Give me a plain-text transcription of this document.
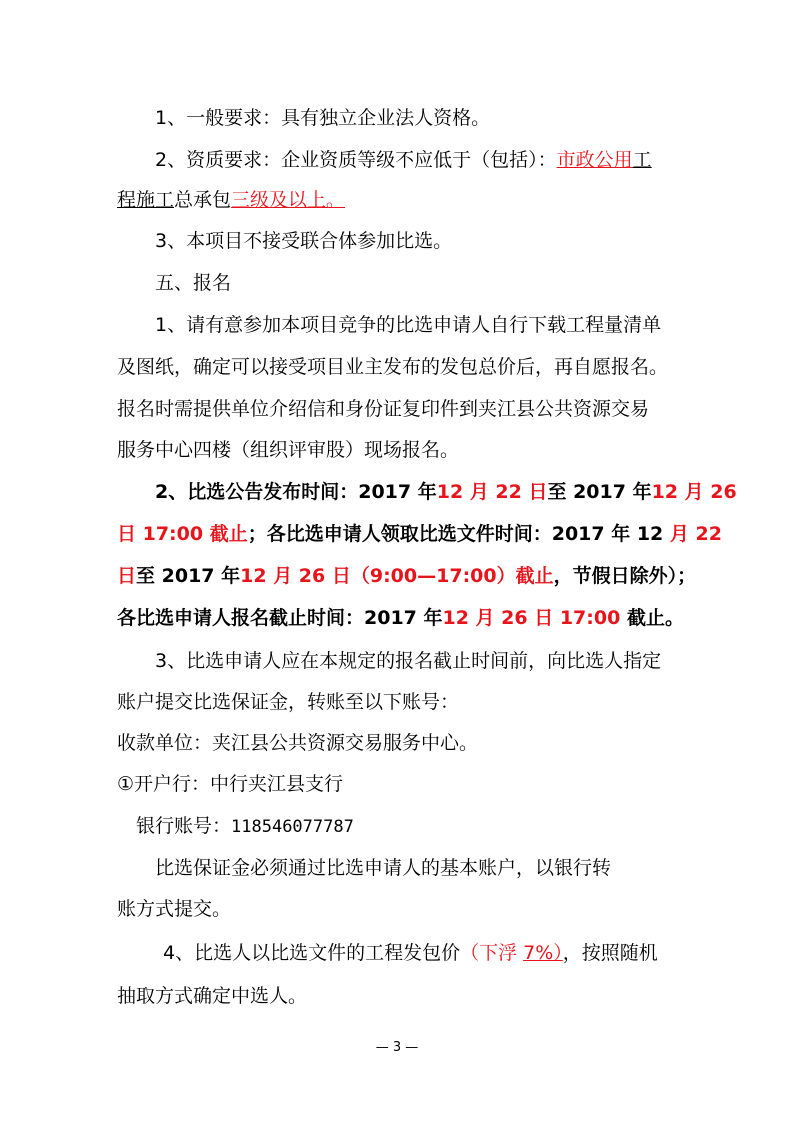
1、一般要求：具有独立企业法人资格。
2、资质要求：企业资质等级不应低于（包括）：市政公用工
程施工总承包三级及以上。
3、本项目不接受联合体参加比选。
五、报名
1、请有意参加本项目竞争的比选申请人自行下载工程量清单
及图纸，确定可以接受项目业主发布的发包总价后，再自愿报名。
报名时需提供单位介绍信和身份证复印件到夹江县公共资源交易
服务中心四楼（组织评审股）现场报名。
2、比选公告发布时间：2017 年12 月 22 日至 2017 年12 月 26
日 17:00 截止；各比选申请人领取比选文件时间：2017 年 12 月 22
日至 2017 年12 月 26 日（9:00—17:00）截止，节假日除外）；
各比选申请人报名截止时间：2017 年12 月 26 日 17:00 截止。
3、比选申请人应在本规定的报名截止时间前，向比选人指定
账户提交比选保证金，转账至以下账号：
收款单位：夹江县公共资源交易服务中心。
①开户行：中行夹江县支行
银行账号：118546077787
比选保证金必须通过比选申请人的基本账户，以银行转
账方式提交。
4、比选人以比选文件的工程发包价（下浮 7%），按照随机
抽取方式确定中选人。
— 3 —
